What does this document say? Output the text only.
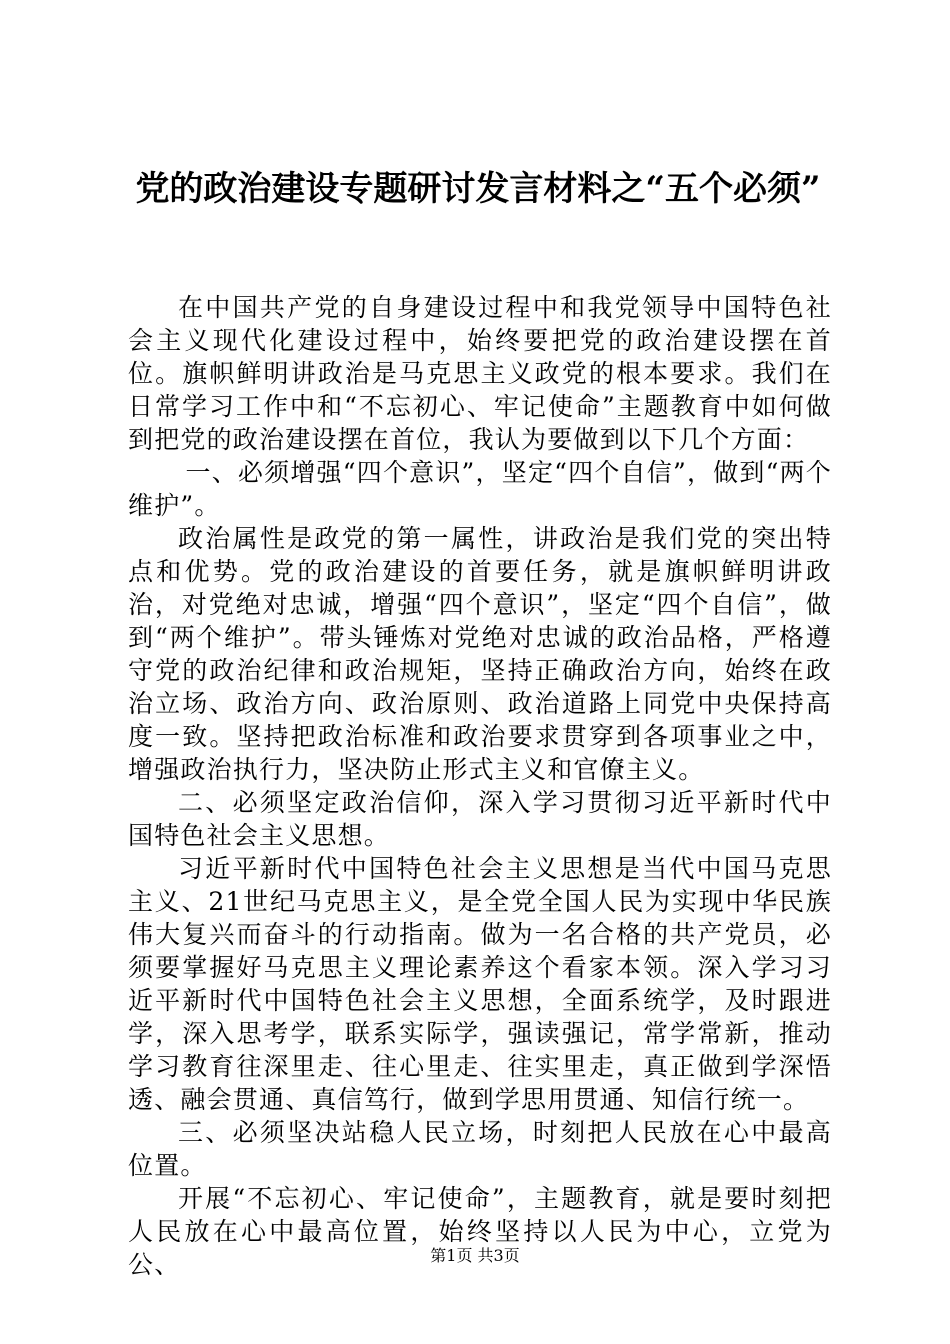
党的政治建设专题研讨发言材料之“五个必须”

在中国共产党的自身建设过程中和我党领导中国特色社会主义现代化建设过程中，始终要把党的政治建设摆在首位。旗帜鲜明讲政治是马克思主义政党的根本要求。我们在日常学习工作中和“不忘初心、牢记使命”主题教育中如何做到把党的政治建设摆在首位，我认为要做到以下几个方面：

一、必须增强“四个意识”，坚定“四个自信”，做到“两个维护”。

政治属性是政党的第一属性，讲政治是我们党的突出特点和优势。党的政治建设的首要任务，就是旗帜鲜明讲政治，对党绝对忠诚，增强“四个意识”，坚定“四个自信”，做到“两个维护”。带头锤炼对党绝对忠诚的政治品格，严格遵守党的政治纪律和政治规矩，坚持正确政治方向，始终在政治立场、政治方向、政治原则、政治道路上同党中央保持高度一致。坚持把政治标准和政治要求贯穿到各项事业之中，增强政治执行力，坚决防止形式主义和官僚主义。

二、必须坚定政治信仰，深入学习贯彻习近平新时代中国特色社会主义思想。

习近平新时代中国特色社会主义思想是当代中国马克思主义、21世纪马克思主义，是全党全国人民为实现中华民族伟大复兴而奋斗的行动指南。做为一名合格的共产党员，必须要掌握好马克思主义理论素养这个看家本领。深入学习习近平新时代中国特色社会主义思想，全面系统学，及时跟进学，深入思考学，联系实际学，强读强记，常学常新，推动学习教育往深里走、往心里走、往实里走，真正做到学深悟透、融会贯通、真信笃行，做到学思用贯通、知信行统一。

三、必须坚决站稳人民立场，时刻把人民放在心中最高位置。

开展“不忘初心、牢记使命”，主题教育，就是要时刻把人民放在心中最高位置，始终坚持以人民为中心，立党为公、	第1页 共3页
